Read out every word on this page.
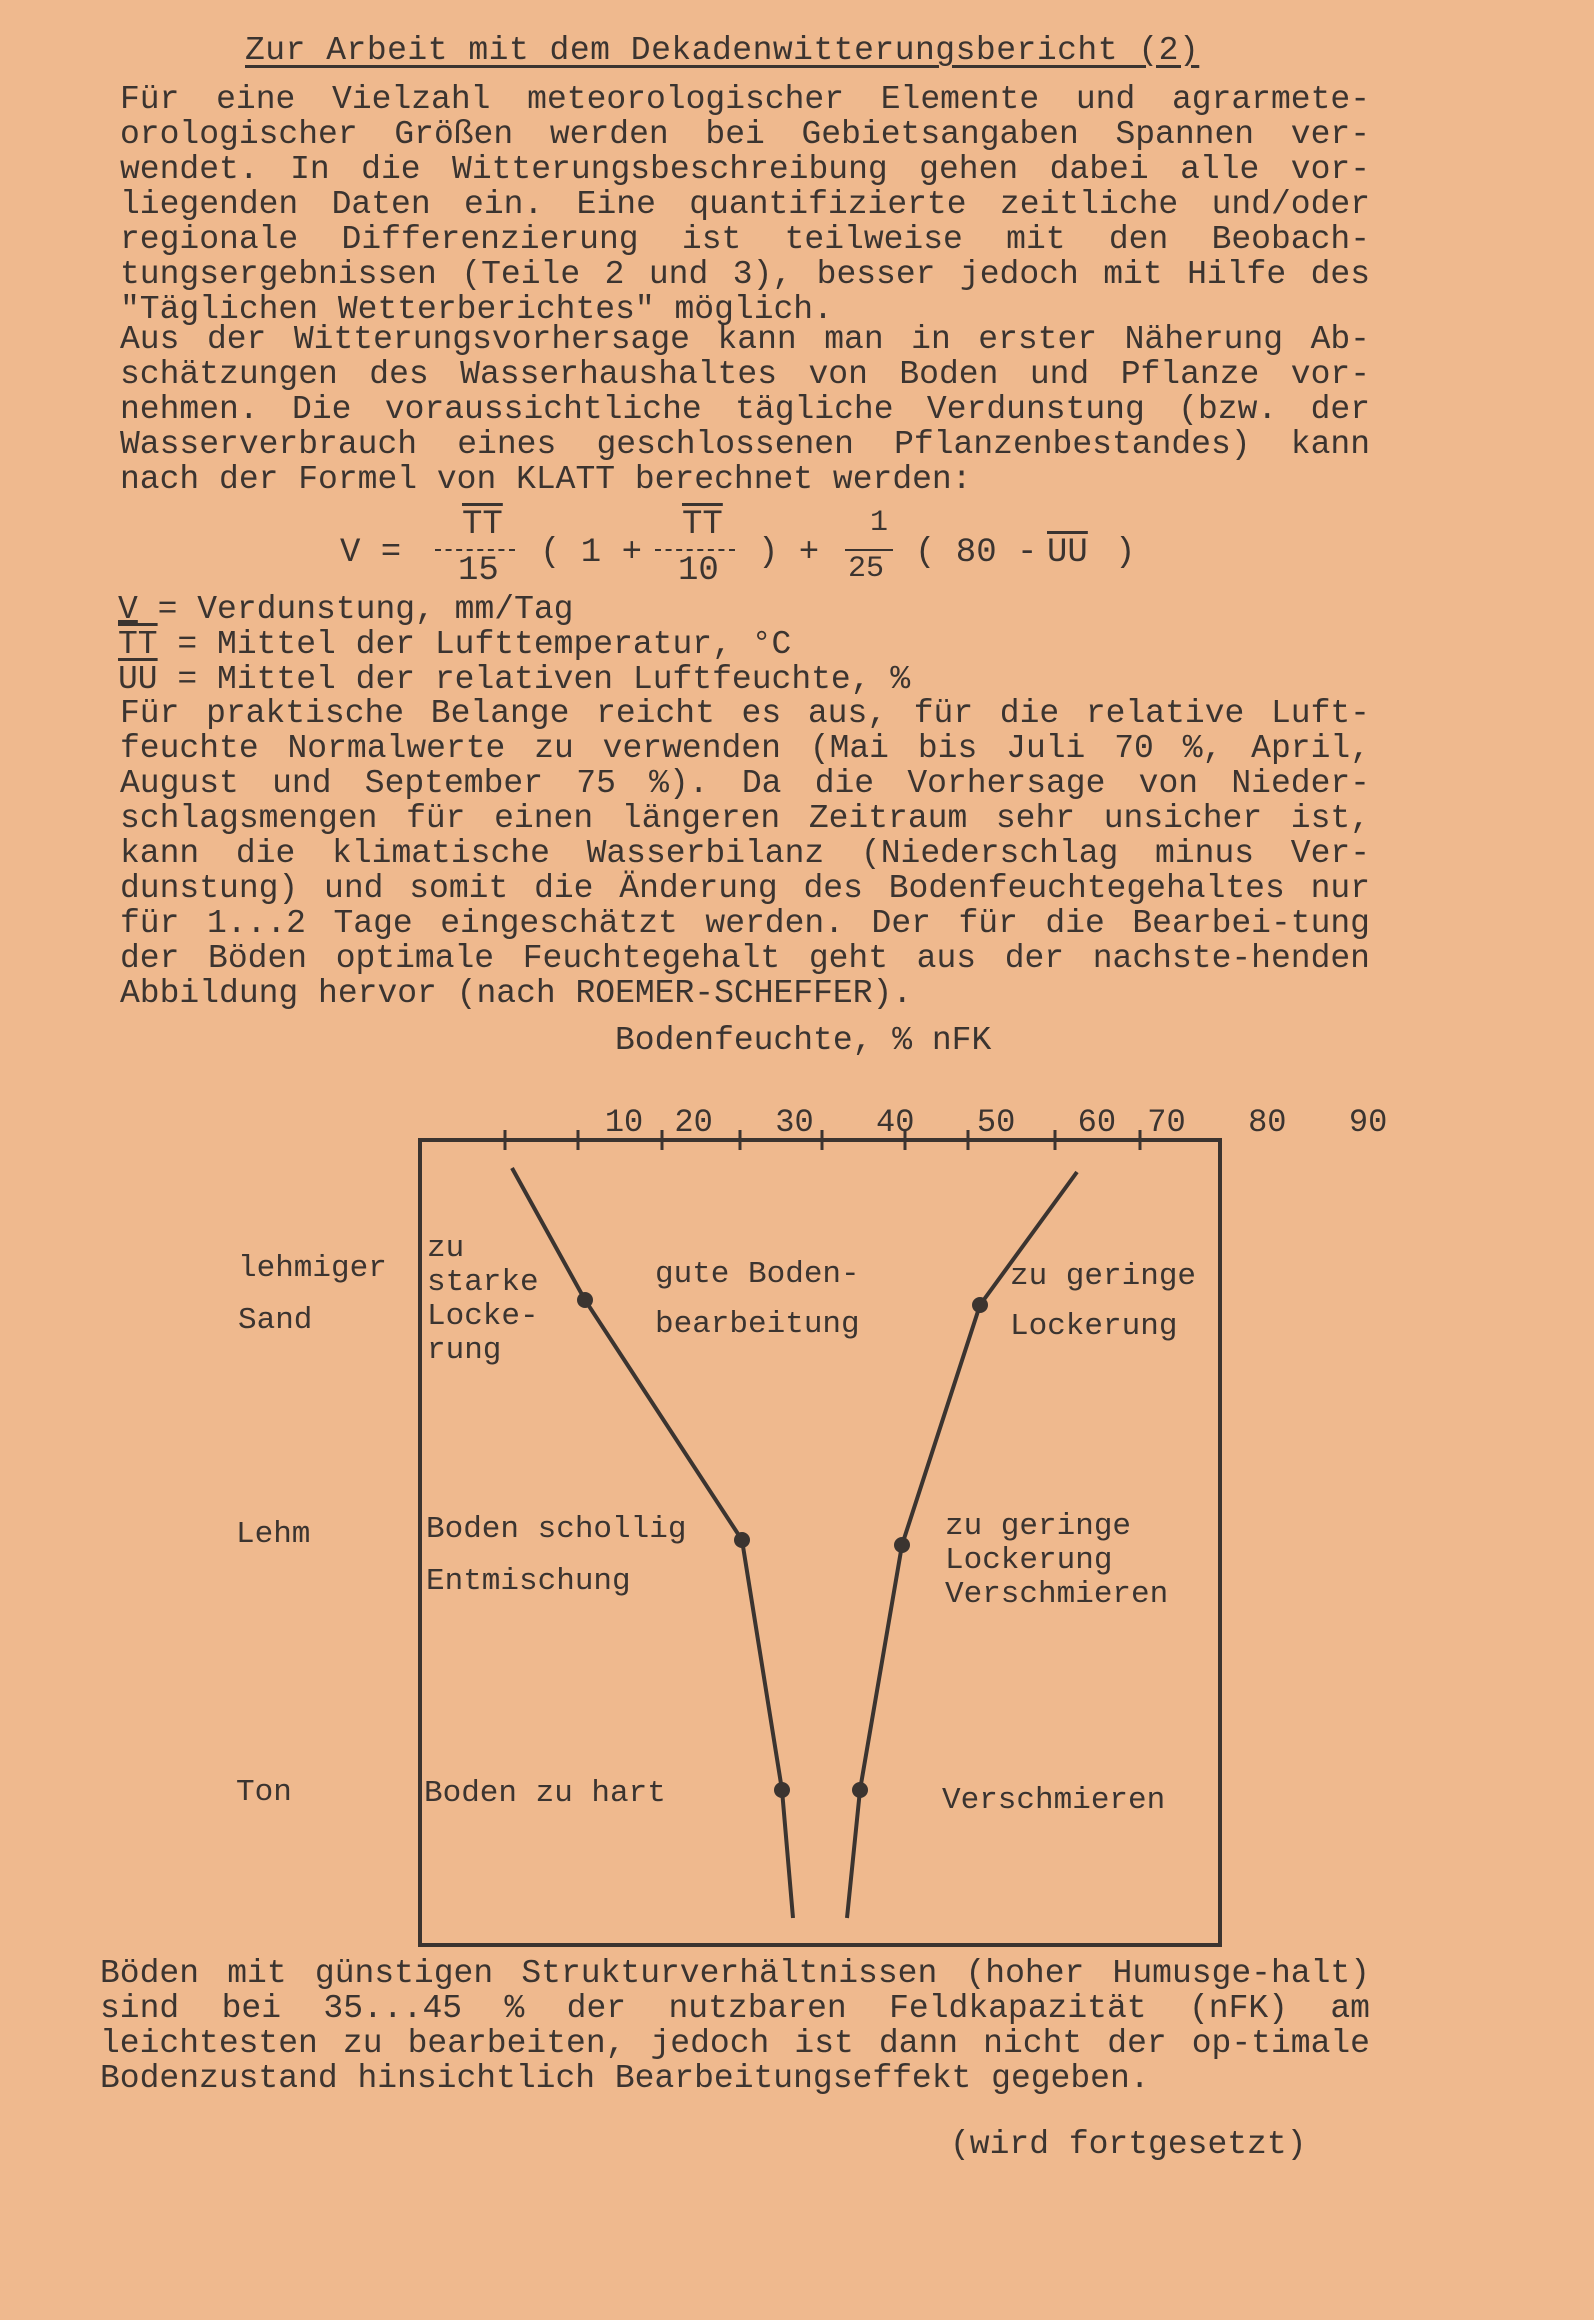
Zur Arbeit mit dem Dekadenwitterungsbericht (2)
Für eine Vielzahl meteorologischer Elemente und agrarmete-orologischer Größen werden bei Gebietsangaben Spannen ver-wendet. In die Witterungsbeschreibung gehen dabei alle vor-liegenden Daten ein. Eine quantifizierte zeitliche und/oder regionale Differenzierung ist teilweise mit den Beobach-tungsergebnissen (Teile 2 und 3), besser jedoch mit Hilfe des "Täglichen Wetterberichtes" möglich.
Aus der Witterungsvorhersage kann man in erster Näherung Ab-schätzungen des Wasserhaushaltes von Boden und Pflanze vor-nehmen. Die voraussichtliche tägliche Verdunstung (bzw. der Wasserverbrauch eines geschlossenen Pflanzenbestandes) kann nach der Formel von KLATT berechnet werden:
V =
$\overline{TT}$
15 ( 1 +
$\overline{TT}$
10 ) +
1
25 ( $80 - \overline{UU}$ )
V = Verdunstung, mm/Tag
$\overline{TT}$ = Mittel der Lufttemperatur, °C
$\overline{UU}$ = Mittel der relativen Luftfeuchte, %
Für praktische Belange reicht es aus, für die relative Luft-feuchte Normalwerte zu verwenden (Mai bis Juli 70 %, April, August und September 75 %). Da die Vorhersage von Nieder-schlagsmengen für einen längeren Zeitraum sehr unsicher ist, kann die klimatische Wasserbilanz (Niederschlag minus Ver-dunstung) und somit die Änderung des Bodenfeuchtegehaltes nur für 1...2 Tage eingeschätzt werden. Der für die Bearbei-tung der Böden optimale Feuchtegehalt geht aus der nachste-henden Abbildung hervor (nach ROEMER-SCHEFFER).
Bodenfeuchte, % nFK

10 20 30 40 50 60 70 80 90

lehmiger
Sand
Lehm
Ton
zu
starke
Locke-
rung
gute Boden-
bearbeitung
zu geringe
Lockerung
Boden schollig
Entmischung
zu geringe
Lockerung
Verschmieren
Boden zu hart	Verschmieren
Böden mit günstigen Strukturverhältnissen (hoher Humusge-halt) sind bei 35...45 % der nutzbaren Feldkapazität (nFK) am leichtesten zu bearbeiten, jedoch ist dann nicht der op-timale Bodenzustand hinsichtlich Bearbeitungseffekt gegeben.
(wird fortgesetzt)
